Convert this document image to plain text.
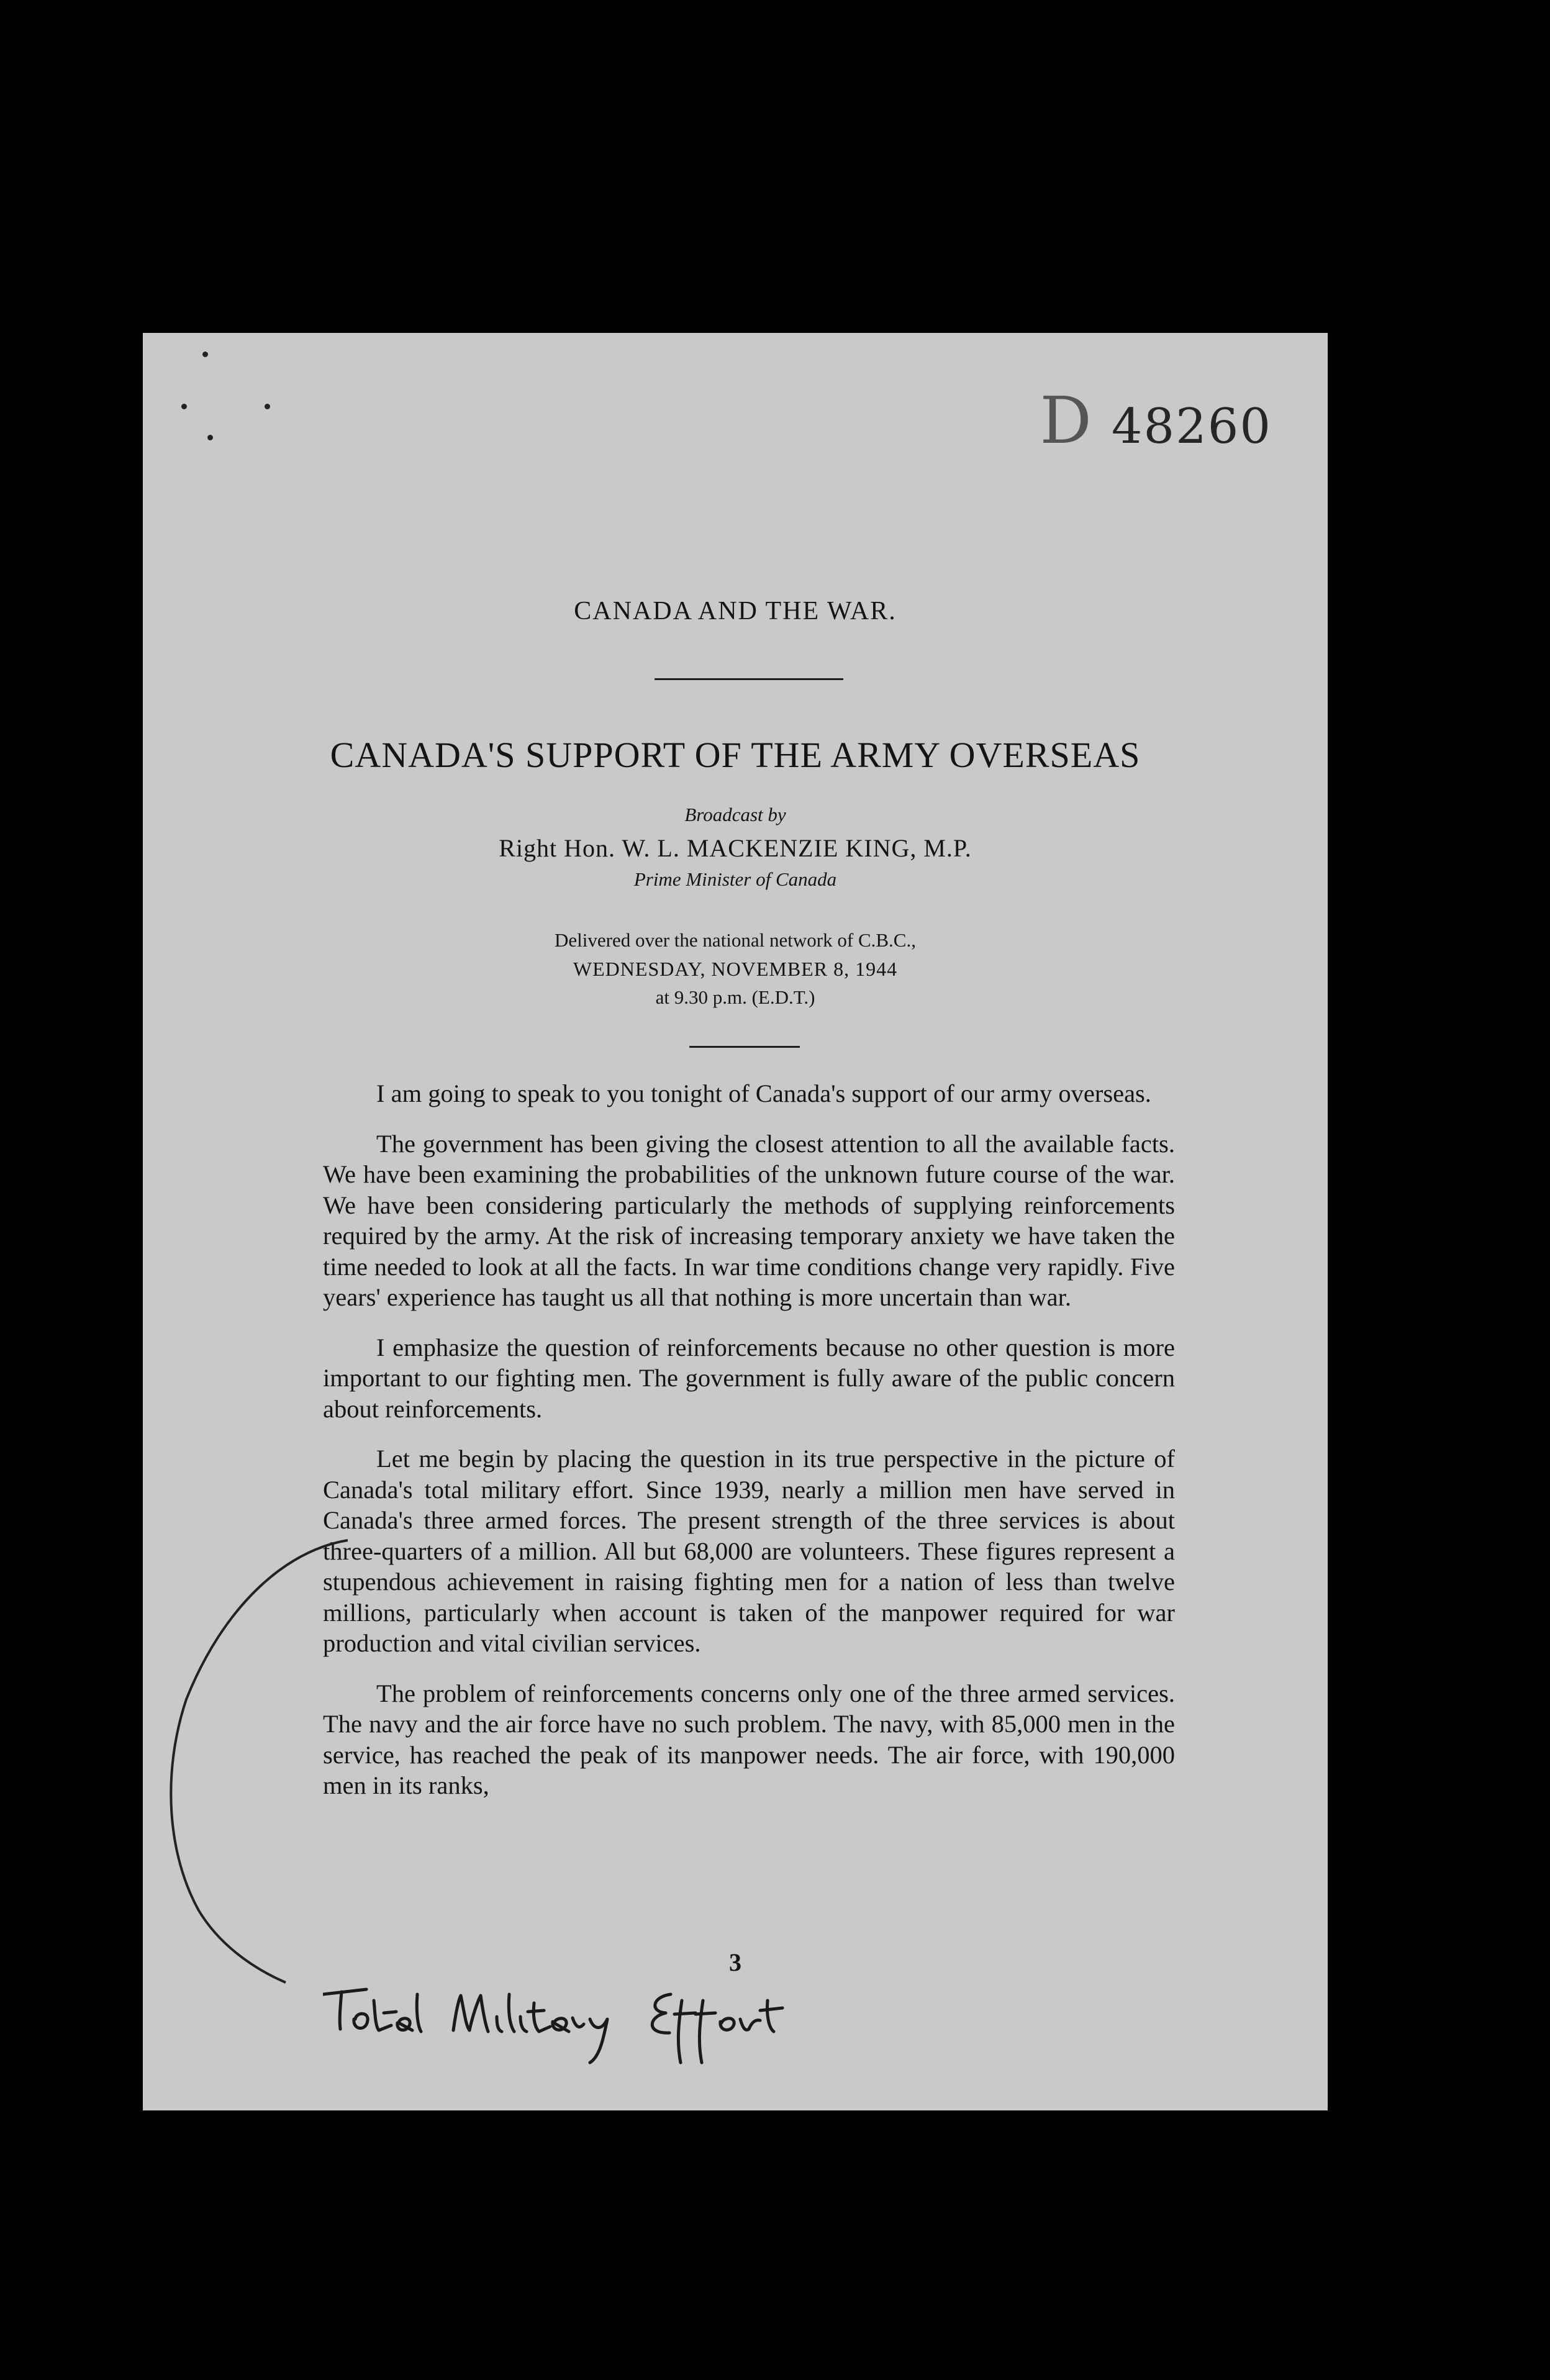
D 48260
CANADA AND THE WAR.
CANADA'S SUPPORT OF THE ARMY OVERSEAS
Broadcast by
Right Hon. W. L. MACKENZIE KING, M.P.
Prime Minister of Canada
Delivered over the national network of C.B.C.,
WEDNESDAY, NOVEMBER 8, 1944
at 9.30 p.m. (E.D.T.)

I am going to speak to you tonight of Canada's support of our army overseas.

The government has been giving the closest attention to all the available facts. We have been examining the probabilities of the unknown future course of the war. We have been considering particularly the methods of supplying reinforcements required by the army. At the risk of increasing temporary anxiety we have taken the time needed to look at all the facts. In war time conditions change very rapidly. Five years' experience has taught us all that nothing is more uncertain than war.

I emphasize the question of reinforcements because no other question is more important to our fighting men. The government is fully aware of the public concern about reinforcements.

Let me begin by placing the question in its true perspective in the picture of Canada's total military effort. Since 1939, nearly a million men have served in Canada's three armed forces. The present strength of the three services is about three-quarters of a million. All but 68,000 are volunteers. These figures represent a stupendous achievement in raising fighting men for a nation of less than twelve millions, particularly when account is taken of the manpower required for war production and vital civilian services.

The problem of reinforcements concerns only one of the three armed services. The navy and the air force have no such problem. The navy, with 85,000 men in the service, has reached the peak of its manpower needs. The air force, with 190,000 men in its ranks,

3
